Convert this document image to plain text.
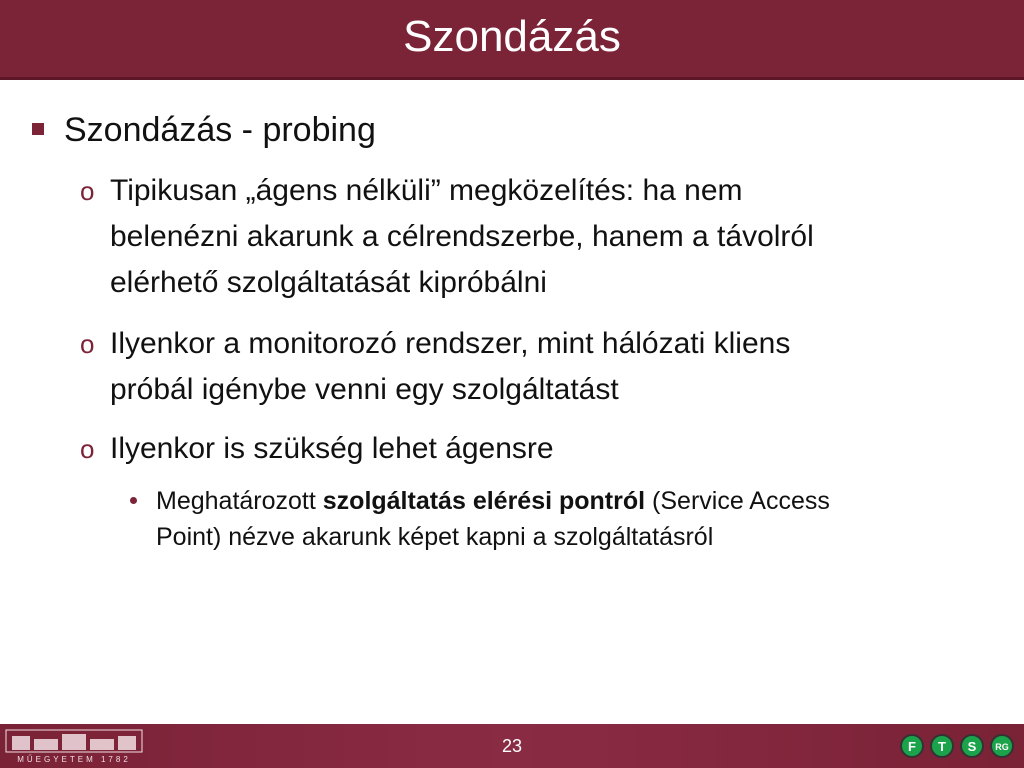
Szondázás
Szondázás - probing
o Tipikusan „ágens nélküli” megközelítés: ha nem
belenézni akarunk a célrendszerbe, hanem a távolról
elérhető szolgáltatását kipróbálni
o Ilyenkor a monitorozó rendszer, mint hálózati kliens
próbál igénybe venni egy szolgáltatást
o Ilyenkor is szükség lehet ágensre
Meghatározott szolgáltatás elérési pontról (Service Access
Point) nézve akarunk képet kapni a szolgáltatásról
MŰEGYETEM 1782
23	F T S RG
